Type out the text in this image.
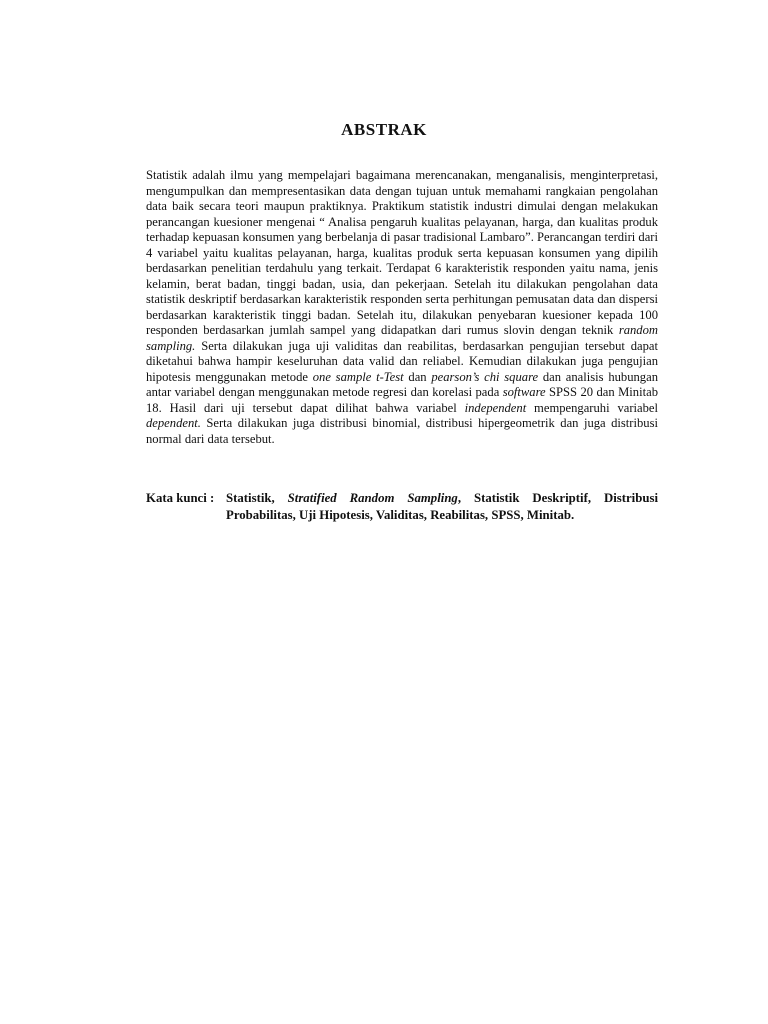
ABSTRAK

Statistik adalah ilmu yang mempelajari bagaimana merencanakan, menganalisis, menginterpretasi, mengumpulkan dan mempresentasikan data dengan tujuan untuk memahami rangkaian pengolahan data baik secara teori maupun praktiknya. Praktikum statistik industri dimulai dengan melakukan perancangan kuesioner mengenai “ Analisa pengaruh kualitas pelayanan, harga, dan kualitas produk terhadap kepuasan konsumen yang berbelanja di pasar tradisional Lambaro”. Perancangan terdiri dari 4 variabel yaitu kualitas pelayanan, harga, kualitas produk serta kepuasan konsumen yang dipilih berdasarkan penelitian terdahulu yang terkait. Terdapat 6 karakteristik responden yaitu nama, jenis kelamin, berat badan, tinggi badan, usia, dan pekerjaan. Setelah itu dilakukan pengolahan data statistik deskriptif berdasarkan karakteristik responden serta perhitungan pemusatan data dan dispersi berdasarkan karakteristik tinggi badan. Setelah itu, dilakukan penyebaran kuesioner kepada 100 responden berdasarkan jumlah sampel yang didapatkan dari rumus slovin dengan teknik random sampling. Serta dilakukan juga uji validitas dan reabilitas, berdasarkan pengujian tersebut dapat diketahui bahwa hampir keseluruhan data valid dan reliabel. Kemudian dilakukan juga pengujian hipotesis menggunakan metode one sample t-Test dan pearson’s chi square dan analisis hubungan antar variabel dengan menggunakan metode regresi dan korelasi pada software SPSS 20 dan Minitab 18. Hasil dari uji tersebut dapat dilihat bahwa variabel independent mempengaruhi variabel dependent. Serta dilakukan juga distribusi binomial, distribusi hipergeometrik dan juga distribusi normal dari data tersebut.

Kata kunci : Statistik, Stratified Random Sampling, Statistik Deskriptif, Distribusi Probabilitas, Uji Hipotesis, Validitas, Reabilitas, SPSS, Minitab.
